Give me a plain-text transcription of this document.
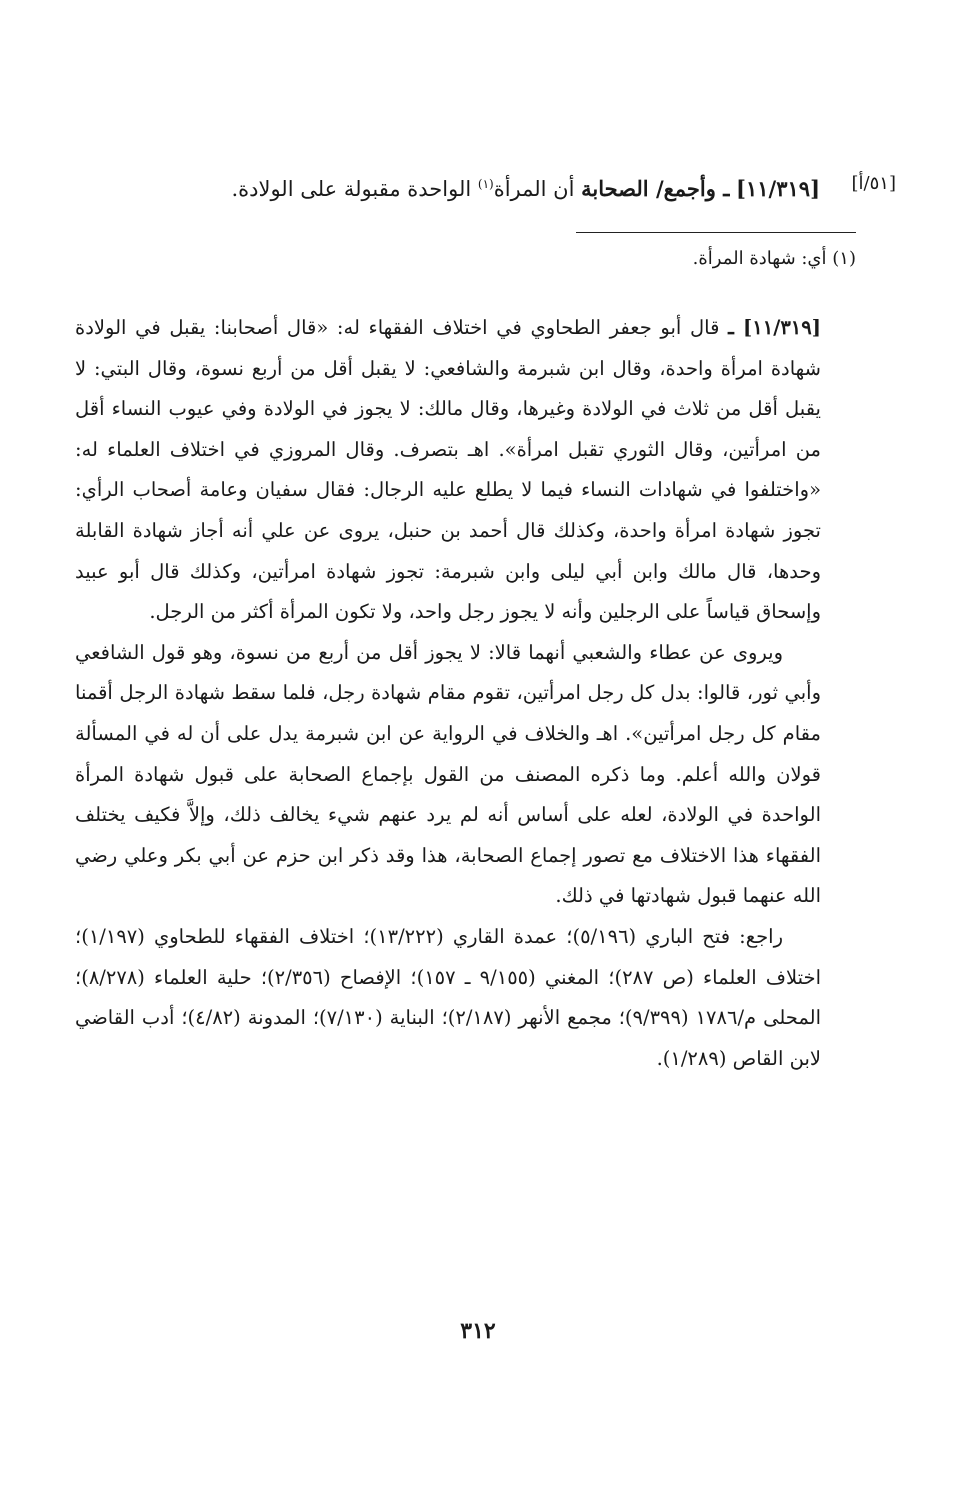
[٥١/أ]
[١١/٣١٩] ـ وأجمع/ الصحابة أن المرأة$^{(١)}$ الواحدة مقبولة على الولادة.
(١) أي: شهادة المرأة.

[١١/٣١٩] ـ قال أبو جعفر الطحاوي في اختلاف الفقهاء له: «قال أصحابنا: يقبل في الولادة شهادة امرأة واحدة، وقال ابن شبرمة والشافعي: لا يقبل أقل من أربع نسوة، وقال البتي: لا يقبل أقل من ثلاث في الولادة وغيرها، وقال مالك: لا يجوز في الولادة وفي عيوب النساء أقل من امرأتين، وقال الثوري تقبل امرأة». اهـ بتصرف. وقال المروزي في اختلاف العلماء له: «واختلفوا في شهادات النساء فيما لا يطلع عليه الرجال: فقال سفيان وعامة أصحاب الرأي: تجوز شهادة امرأة واحدة، وكذلك قال أحمد بن حنبل، يروى عن علي أنه أجاز شهادة القابلة وحدها، قال مالك وابن أبي ليلى وابن شبرمة: تجوز شهادة امرأتين، وكذلك قال أبو عبيد وإسحاق قياساً على الرجلين وأنه لا يجوز رجل واحد، ولا تكون المرأة أكثر من الرجل.

ويروى عن عطاء والشعبي أنهما قالا: لا يجوز أقل من أربع من نسوة، وهو قول الشافعي وأبي ثور، قالوا: بدل كل رجل امرأتين، تقوم مقام شهادة رجل، فلما سقط شهادة الرجل أقمنا مقام كل رجل امرأتين». اهـ والخلاف في الرواية عن ابن شبرمة يدل على أن له في المسألة قولان والله أعلم. وما ذكره المصنف من القول بإجماع الصحابة على قبول شهادة المرأة الواحدة في الولادة، لعله على أساس أنه لم يرد عنهم شيء يخالف ذلك، وإلاَّ فكيف يختلف الفقهاء هذا الاختلاف مع تصور إجماع الصحابة، هذا وقد ذكر ابن حزم عن أبي بكر وعلي رضي الله عنهما قبول شهادتها في ذلك.

راجع: فتح الباري (٥/١٩٦)؛ عمدة القاري (١٣/٢٢٢)؛ اختلاف الفقهاء للطحاوي (١/١٩٧)؛ اختلاف العلماء (ص ٢٨٧)؛ المغني (٩/١٥٥ ـ ١٥٧)؛ الإفصاح (٢/٣٥٦)؛ حلية العلماء (٨/٢٧٨)؛ المحلى م/١٧٨٦ (٩/٣٩٩)؛ مجمع الأنهر (٢/١٨٧)؛ البناية (٧/١٣٠)؛ المدونة (٤/٨٢)؛ أدب القاضي لابن القاص (١/٢٨٩).

٣١٢
